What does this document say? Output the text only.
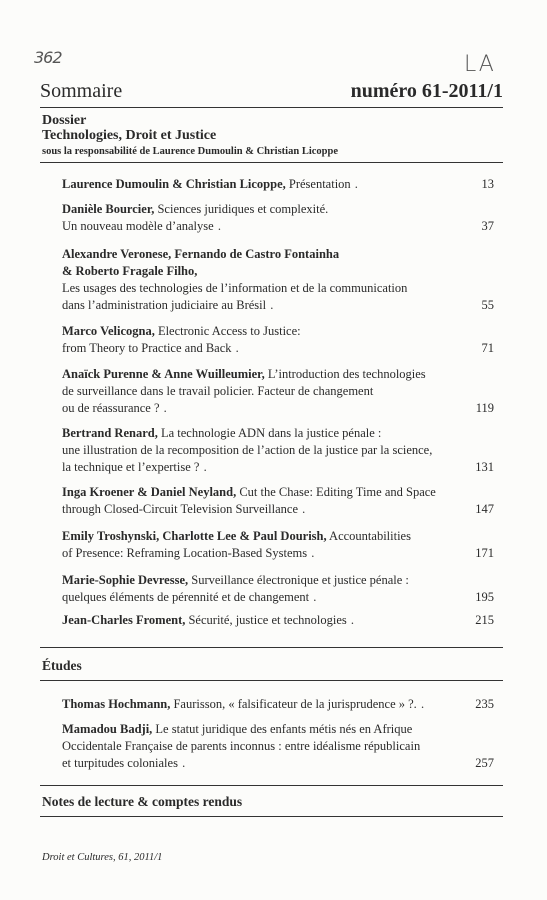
362	LA
Sommaire	numéro 61-2011/1
Dossier
Technologies, Droit et Justice
sous la responsabilité de Laurence Dumoulin & Christian Licoppe
Laurence Dumoulin & Christian Licoppe, Présentation .	13
Danièle Bourcier, Sciences juridiques et complexité.
Un nouveau modèle d’analyse .	37
Alexandre Veronese, Fernando de Castro Fontainha
& Roberto Fragale Filho,
Les usages des technologies de l’information et de la communication
dans l’administration judiciaire au Brésil .	55
Marco Velicogna, Electronic Access to Justice:
from Theory to Practice and Back .	71
Anaïck Purenne & Anne Wuilleumier, L’introduction des technologies
de surveillance dans le travail policier. Facteur de changement
ou de réassurance ? .	119
Bertrand Renard, La technologie ADN dans la justice pénale :
une illustration de la recomposition de l’action de la justice par la science,
la technique et l’expertise ? .	131
Inga Kroener & Daniel Neyland, Cut the Chase: Editing Time and Space
through Closed-Circuit Television Surveillance .	147
Emily Troshynski, Charlotte Lee & Paul Dourish, Accountabilities
of Presence: Reframing Location-Based Systems .	171
Marie-Sophie Devresse, Surveillance électronique et justice pénale :
quelques éléments de pérennité et de changement .	195
Jean-Charles Froment, Sécurité, justice et technologies .	215
Études
Thomas Hochmann, Faurisson, « falsificateur de la jurisprudence » ?. .	235
Mamadou Badji, Le statut juridique des enfants métis nés en Afrique
Occidentale Française de parents inconnus : entre idéalisme républicain
et turpitudes coloniales .	257
Notes de lecture & comptes rendus
Droit et Cultures, 61, 2011/1
